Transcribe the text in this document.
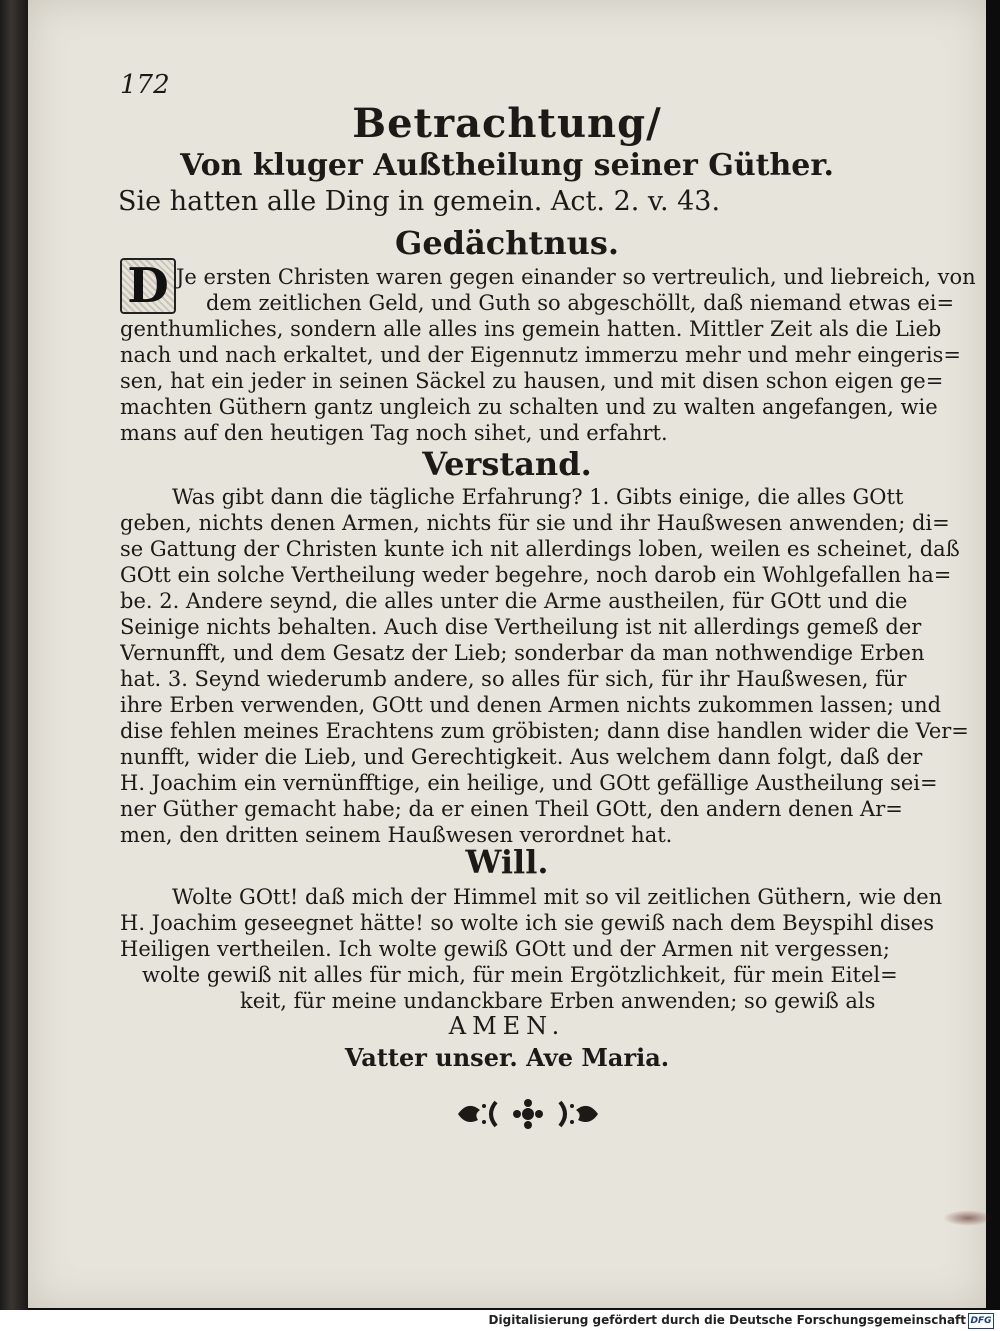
172
Betrachtung/
Von kluger Außtheilung seiner Güther.
Sie hatten alle Ding in gemein. Act. 2. v. 43.
Gedächtnus.
D Je ersten Christen waren gegen einander so vertreulich, und liebreich, von
dem zeitlichen Geld, und Guth so abgeschöllt, daß niemand etwas ei=
genthumliches, sondern alle alles ins gemein hatten. Mittler Zeit als die Lieb
nach und nach erkaltet, und der Eigennutz immerzu mehr und mehr eingeris=
sen, hat ein jeder in seinen Säckel zu hausen, und mit disen schon eigen ge=
machten Güthern gantz ungleich zu schalten und zu walten angefangen, wie
mans auf den heutigen Tag noch sihet, und erfahrt.
Verstand.
Was gibt dann die tägliche Erfahrung? 1. Gibts einige, die alles GOtt
geben, nichts denen Armen, nichts für sie und ihr Haußwesen anwenden; di=
se Gattung der Christen kunte ich nit allerdings loben, weilen es scheinet, daß
GOtt ein solche Vertheilung weder begehre, noch darob ein Wohlgefallen ha=
be. 2. Andere seynd, die alles unter die Arme austheilen, für GOtt und die
Seinige nichts behalten. Auch dise Vertheilung ist nit allerdings gemeß der
Vernunfft, und dem Gesatz der Lieb; sonderbar da man nothwendige Erben
hat. 3. Seynd wiederumb andere, so alles für sich, für ihr Haußwesen, für
ihre Erben verwenden, GOtt und denen Armen nichts zukommen lassen; und
dise fehlen meines Erachtens zum gröbisten; dann dise handlen wider die Ver=
nunfft, wider die Lieb, und Gerechtigkeit. Aus welchem dann folgt, daß der
H. Joachim ein vernünfftige, ein heilige, und GOtt gefällige Austheilung sei=
ner Güther gemacht habe; da er einen Theil GOtt, den andern denen Ar=
men, den dritten seinem Haußwesen verordnet hat.
Will.
Wolte GOtt! daß mich der Himmel mit so vil zeitlichen Güthern, wie den
H. Joachim geseegnet hätte! so wolte ich sie gewiß nach dem Beyspihl dises
Heiligen vertheilen. Ich wolte gewiß GOtt und der Armen nit vergessen;
wolte gewiß nit alles für mich, für mein Ergötzlichkeit, für mein Eitel=
keit, für meine undanckbare Erben anwenden; so gewiß als
AMEN.
Vatter unser. Ave Maria.
Digitalisierung gefördert durch die Deutsche Forschungsgemeinschaft DFG
